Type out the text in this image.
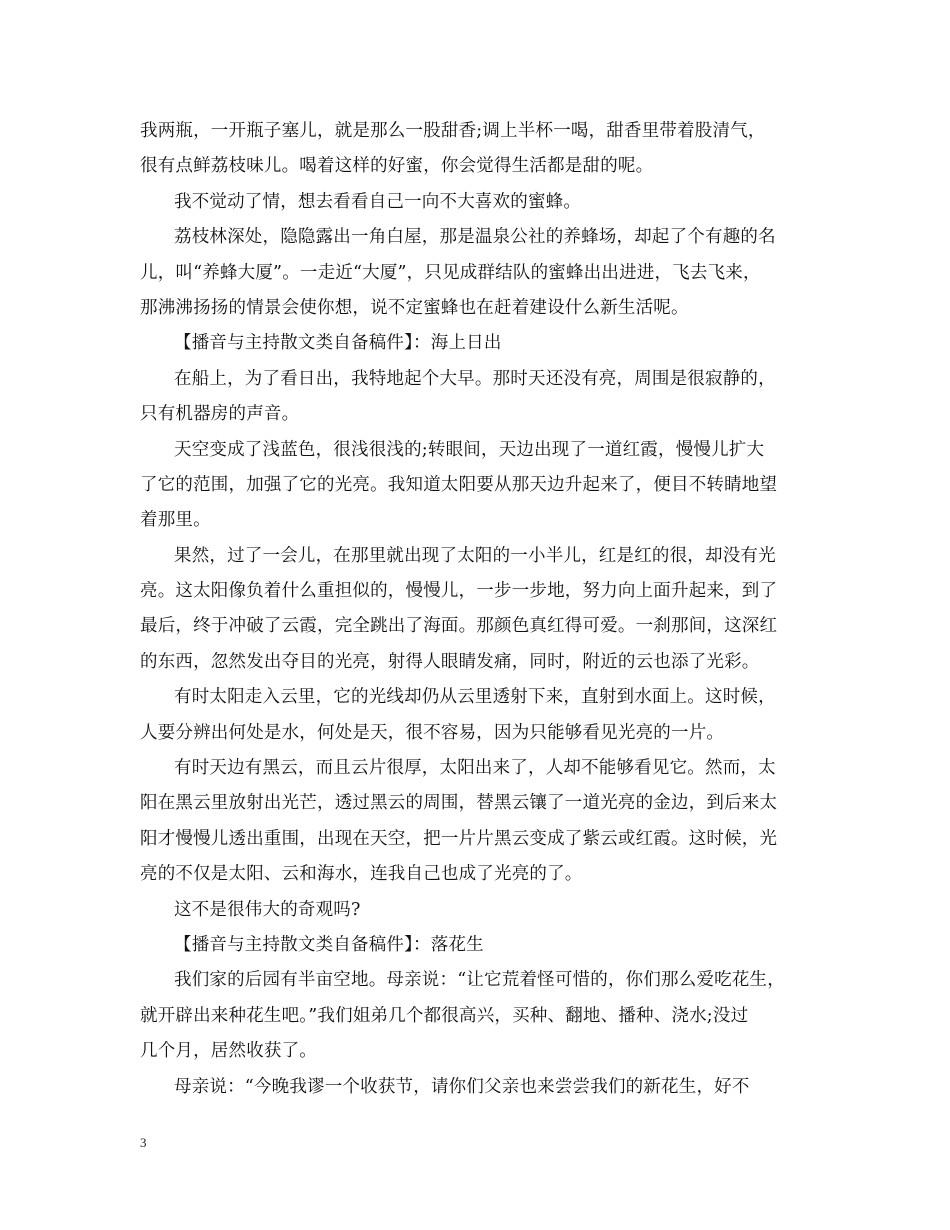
我两瓶，一开瓶子塞儿，就是那么一股甜香;调上半杯一喝，甜香里带着股清气，
很有点鲜荔枝味儿。喝着这样的好蜜，你会觉得生活都是甜的呢。
我不觉动了情，想去看看自己一向不大喜欢的蜜蜂。
荔枝林深处，隐隐露出一角白屋，那是温泉公社的养蜂场，却起了个有趣的名
儿，叫“养蜂大厦”。一走近“大厦”，只见成群结队的蜜蜂出出进进，飞去飞来，
那沸沸扬扬的情景会使你想，说不定蜜蜂也在赶着建设什么新生活呢。
【播音与主持散文类自备稿件】：海上日出
在船上，为了看日出，我特地起个大早。那时天还没有亮，周围是很寂静的，
只有机器房的声音。
天空变成了浅蓝色，很浅很浅的;转眼间，天边出现了一道红霞，慢慢儿扩大
了它的范围，加强了它的光亮。我知道太阳要从那天边升起来了，便目不转睛地望
着那里。
果然，过了一会儿，在那里就出现了太阳的一小半儿，红是红的很，却没有光
亮。这太阳像负着什么重担似的，慢慢儿，一步一步地，努力向上面升起来，到了
最后，终于冲破了云霞，完全跳出了海面。那颜色真红得可爱。一刹那间，这深红
的东西，忽然发出夺目的光亮，射得人眼睛发痛，同时，附近的云也添了光彩。
有时太阳走入云里，它的光线却仍从云里透射下来，直射到水面上。这时候，
人要分辨出何处是水，何处是天，很不容易，因为只能够看见光亮的一片。
有时天边有黑云，而且云片很厚，太阳出来了，人却不能够看见它。然而，太
阳在黑云里放射出光芒，透过黑云的周围，替黑云镶了一道光亮的金边，到后来太
阳才慢慢儿透出重围，出现在天空，把一片片黑云变成了紫云或红霞。这时候，光
亮的不仅是太阳、云和海水，连我自己也成了光亮的了。
这不是很伟大的奇观吗?
【播音与主持散文类自备稿件】：落花生
我们家的后园有半亩空地。母亲说：“让它荒着怪可惜的，你们那么爱吃花生，
就开辟出来种花生吧。”我们姐弟几个都很高兴，买种、翻地、播种、浇水;没过
几个月，居然收获了。
母亲说：“今晚我谬一个收获节，请你们父亲也来尝尝我们的新花生，好不
3
